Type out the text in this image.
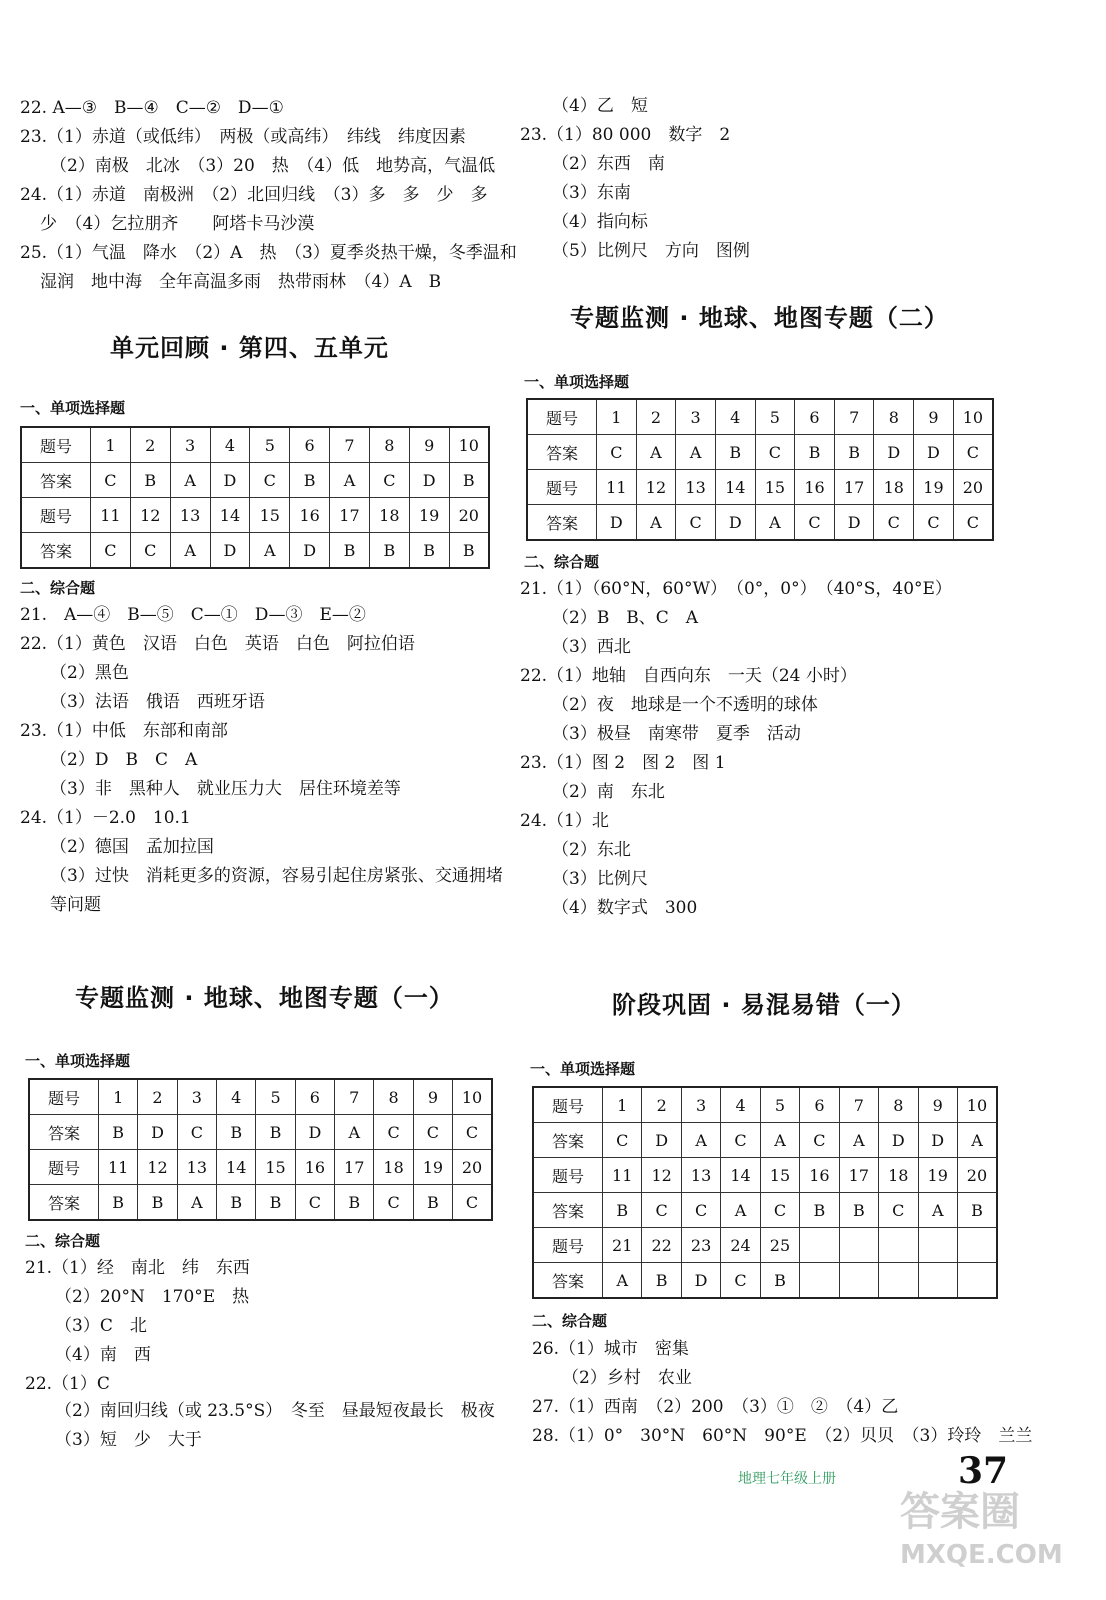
22. A—③　B—④　C—②　D—①
23.（1）赤道（或低纬）　两极（或高纬）　纬线　纬度因素
（2）南极　北冰　（3）20　热　（4）低　地势高，气温低
24.（1）赤道　南极洲　（2）北回归线　（3）多　多　少　多
少　（4）乞拉朋齐　　阿塔卡马沙漠
25.（1）气温　降水　（2）A　热　（3）夏季炎热干燥，冬季温和
湿润　地中海　全年高温多雨　热带雨林　（4）A　B
单元回顾 · 第四、五单元
一、单项选择题
题号	1	2	3	4	5	6	7	8	9	10
答案	C	B	A	D	C	B	A	C	D	B
题号	11	12	13	14	15	16	17	18	19	20
答案	C	C	A	D	A	D	B	B	B	B
二、综合题
21.　A—④　B—⑤　C—①　D—③　E—②
22.（1）黄色　汉语　白色　英语　白色　阿拉伯语
（2）黑色
（3）法语　俄语　西班牙语
23.（1）中低　东部和南部
（2）D　B　C　A
（3）非　黑种人　就业压力大　居住环境差等
24.（1）－2.0　10.1
（2）德国　孟加拉国
（3）过快　消耗更多的资源，容易引起住房紧张、交通拥堵
等问题
专题监测 · 地球、地图专题（一）
一、单项选择题
题号	1	2	3	4	5	6	7	8	9	10
答案	B	D	C	B	B	D	A	C	C	C
题号	11	12	13	14	15	16	17	18	19	20
答案	B	B	A	B	B	C	B	C	B	C
二、综合题
21.（1）经　南北　纬　东西
（2）20°N　170°E　热
（3）C　北
（4）南　西
22.（1）C
（2）南回归线（或 23.5°S）　冬至　昼最短夜最长　极夜
（3）短　少　大于
（4）乙　短
23.（1）80 000　数字　2
（2）东西　南
（3）东南
（4）指向标
（5）比例尺　方向　图例
专题监测 · 地球、地图专题（二）
一、单项选择题
题号	1	2	3	4	5	6	7	8	9	10
答案	C	A	A	B	C	B	B	D	D	C
题号	11	12	13	14	15	16	17	18	19	20
答案	D	A	C	D	A	C	D	C	C	C
二、综合题
21.（1）（60°N，60°W）　（0°，0°）　（40°S，40°E）
（2）B　B、C　A
（3）西北
22.（1）地轴　自西向东　一天（24 小时）
（2）夜　地球是一个不透明的球体
（3）极昼　南寒带　夏季　活动
23.（1）图 2　图 2　图 1
（2）南　东北
24.（1）北
（2）东北
（3）比例尺
（4）数字式　300
阶段巩固 · 易混易错（一）
一、单项选择题
题号	1	2	3	4	5	6	7	8	9	10
答案	C	D	A	C	A	C	A	D	D	A
题号	11	12	13	14	15	16	17	18	19	20
答案	B	C	C	A	C	B	B	C	A	B
题号	21	22	23	24	25					
答案	A	B	D	C	B					
二、综合题
26.（1）城市　密集
（2）乡村　农业
27.（1）西南　（2）200　（3）①　②　（4）乙
28.（1）0°　30°N　60°N　90°E　（2）贝贝　（3）玲玲　兰兰
地理七年级上册	37
答案圈
MXQE.COM
